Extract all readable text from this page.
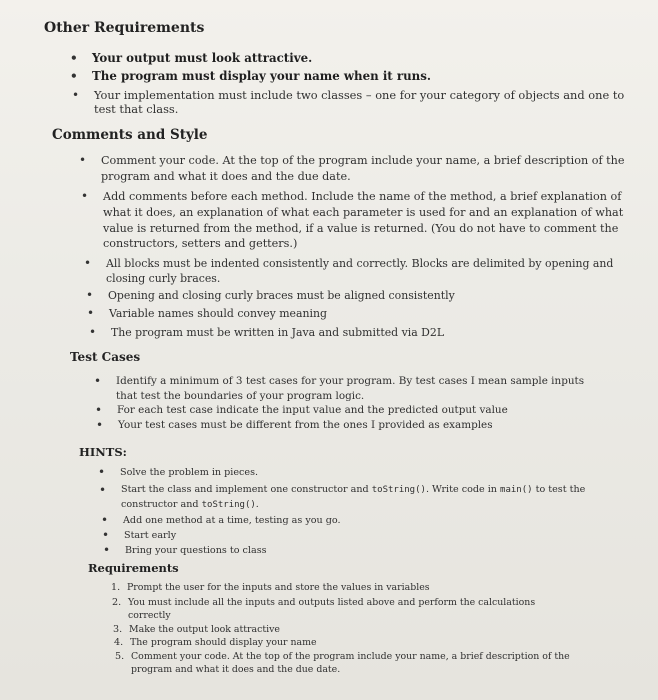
Other Requirements
• Your output must look attractive.
• The program must display your name when it runs.
• Your implementation must include two classes – one for your category of objects and one to test that class.
Comments and Style
• Comment your code. At the top of the program include your name, a brief description of the program and what it does and the due date.
• Add comments before each method. Include the name of the method, a brief explanation of what it does, an explanation of what each parameter is used for and an explanation of what value is returned from the method, if a value is returned. (You do not have to comment the constructors, setters and getters.)
• All blocks must be indented consistently and correctly. Blocks are delimited by opening and closing curly braces.
• Opening and closing curly braces must be aligned consistently
• Variable names should convey meaning
• The program must be written in Java and submitted via D2L
Test Cases
• Identify a minimum of 3 test cases for your program. By test cases I mean sample inputs that test the boundaries of your program logic.
• For each test case indicate the input value and the predicted output value
• Your test cases must be different from the ones I provided as examples
HINTS:
• Solve the problem in pieces.
• Start the class and implement one constructor and toString(). Write code in main() to test the constructor and toString().
• Add one method at a time, testing as you go.
• Start early
• Bring your questions to class
Requirements
1. Prompt the user for the inputs and store the values in variables
2. You must include all the inputs and outputs listed above and perform the calculations correctly
3. Make the output look attractive
4. The program should display your name
5. Comment your code. At the top of the program include your name, a brief description of the program and what it does and the due date.
